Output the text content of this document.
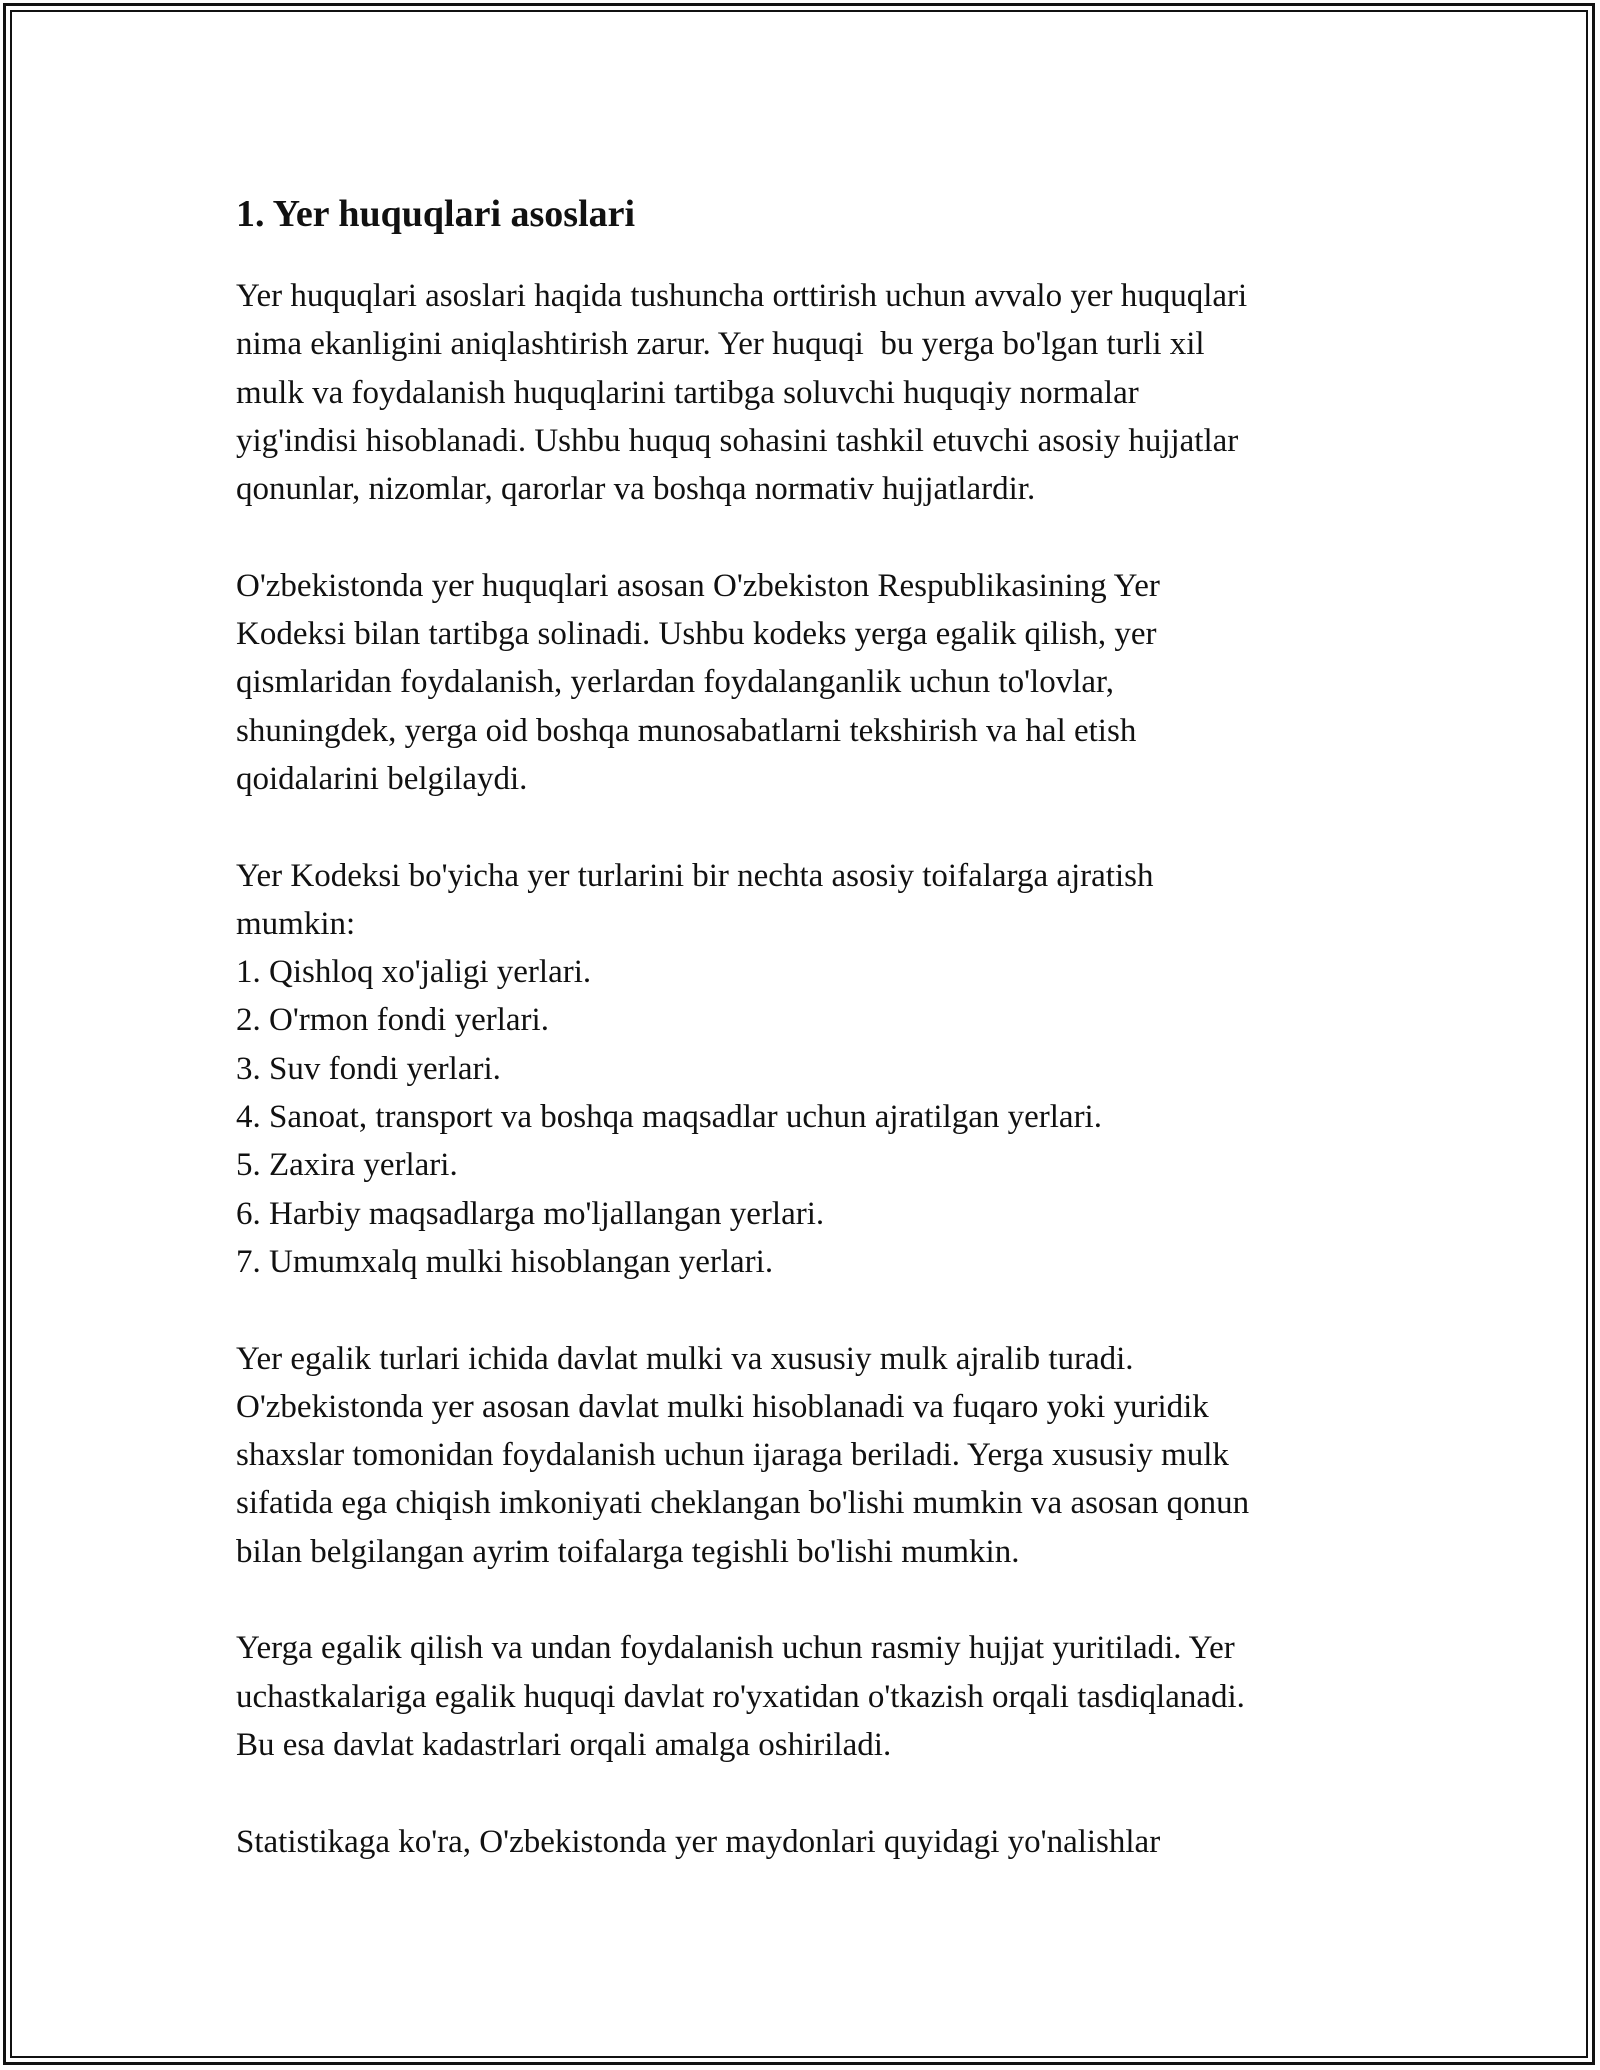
1. Yer huquqlari asoslari

Yer huquqlari asoslari haqida tushuncha orttirish uchun avvalo yer huquqlari
nima ekanligini aniqlashtirish zarur. Yer huquqi  bu yerga bo'lgan turli xil
mulk va foydalanish huquqlarini tartibga soluvchi huquqiy normalar
yig'indisi hisoblanadi. Ushbu huquq sohasini tashkil etuvchi asosiy hujjatlar
qonunlar, nizomlar, qarorlar va boshqa normativ hujjatlardir.

O'zbekistonda yer huquqlari asosan O'zbekiston Respublikasining Yer
Kodeksi bilan tartibga solinadi. Ushbu kodeks yerga egalik qilish, yer
qismlaridan foydalanish, yerlardan foydalanganlik uchun to'lovlar,
shuningdek, yerga oid boshqa munosabatlarni tekshirish va hal etish
qoidalarini belgilaydi.

Yer Kodeksi bo'yicha yer turlarini bir nechta asosiy toifalarga ajratish
mumkin:

1. Qishloq xo'jaligi yerlari.

2. O'rmon fondi yerlari.

3. Suv fondi yerlari.

4. Sanoat, transport va boshqa maqsadlar uchun ajratilgan yerlari.

5. Zaxira yerlari.

6. Harbiy maqsadlarga mo'ljallangan yerlari.

7. Umumxalq mulki hisoblangan yerlari.

Yer egalik turlari ichida davlat mulki va xususiy mulk ajralib turadi.
O'zbekistonda yer asosan davlat mulki hisoblanadi va fuqaro yoki yuridik
shaxslar tomonidan foydalanish uchun ijaraga beriladi. Yerga xususiy mulk
sifatida ega chiqish imkoniyati cheklangan bo'lishi mumkin va asosan qonun
bilan belgilangan ayrim toifalarga tegishli bo'lishi mumkin.

Yerga egalik qilish va undan foydalanish uchun rasmiy hujjat yuritiladi. Yer
uchastkalariga egalik huquqi davlat ro'yxatidan o'tkazish orqali tasdiqlanadi.
Bu esa davlat kadastrlari orqali amalga oshiriladi.

Statistikaga ko'ra, O'zbekistonda yer maydonlari quyidagi yo'nalishlar
